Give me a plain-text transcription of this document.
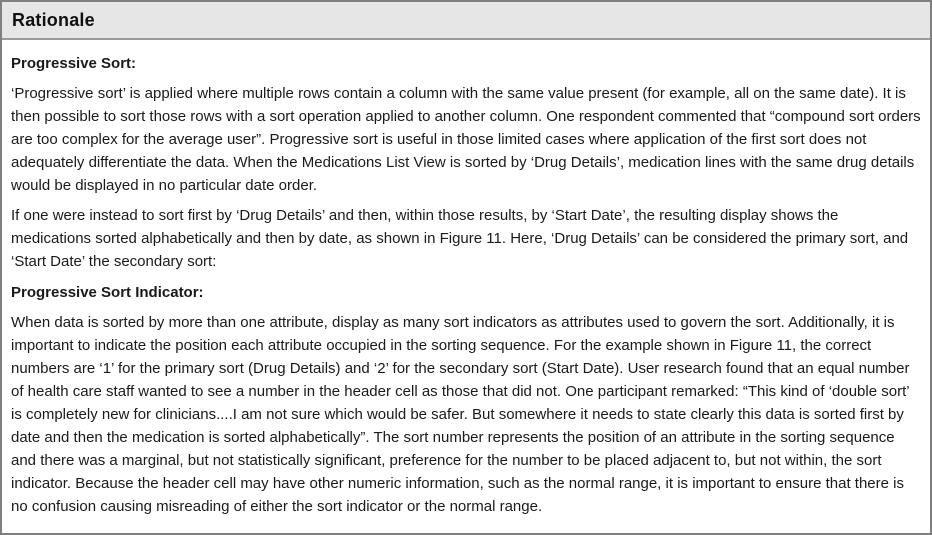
Rationale
Progressive Sort:

‘Progressive sort’ is applied where multiple rows contain a column with the same value present (for example, all on the same date). It is then possible to sort those rows with a sort operation applied to another column. One respondent commented that “compound sort orders are too complex for the average user”. Progressive sort is useful in those limited cases where application of the first sort does not adequately differentiate the data. When the Medications List View is sorted by ‘Drug Details’, medication lines with the same drug details would be displayed in no particular date order.

If one were instead to sort first by ‘Drug Details’ and then, within those results, by ‘Start Date’, the resulting display shows the medications sorted alphabetically and then by date, as shown in Figure 11. Here, ‘Drug Details’ can be considered the primary sort, and ‘Start Date’ the secondary sort:

Progressive Sort Indicator:

When data is sorted by more than one attribute, display as many sort indicators as attributes used to govern the sort. Additionally, it is important to indicate the position each attribute occupied in the sorting sequence. For the example shown in Figure 11, the correct numbers are ‘1’ for the primary sort (Drug Details) and ‘2’ for the secondary sort (Start Date). User research found that an equal number of health care staff wanted to see a number in the header cell as those that did not. One participant remarked: “This kind of ‘double sort’ is completely new for clinicians....I am not sure which would be safer. But somewhere it needs to state clearly this data is sorted first by date and then the medication is sorted alphabetically”. The sort number represents the position of an attribute in the sorting sequence and there was a marginal, but not statistically significant, preference for the number to be placed adjacent to, but not within, the sort indicator. Because the header cell may have other numeric information, such as the normal range, it is important to ensure that there is no confusion causing misreading of either the sort indicator or the normal range.
